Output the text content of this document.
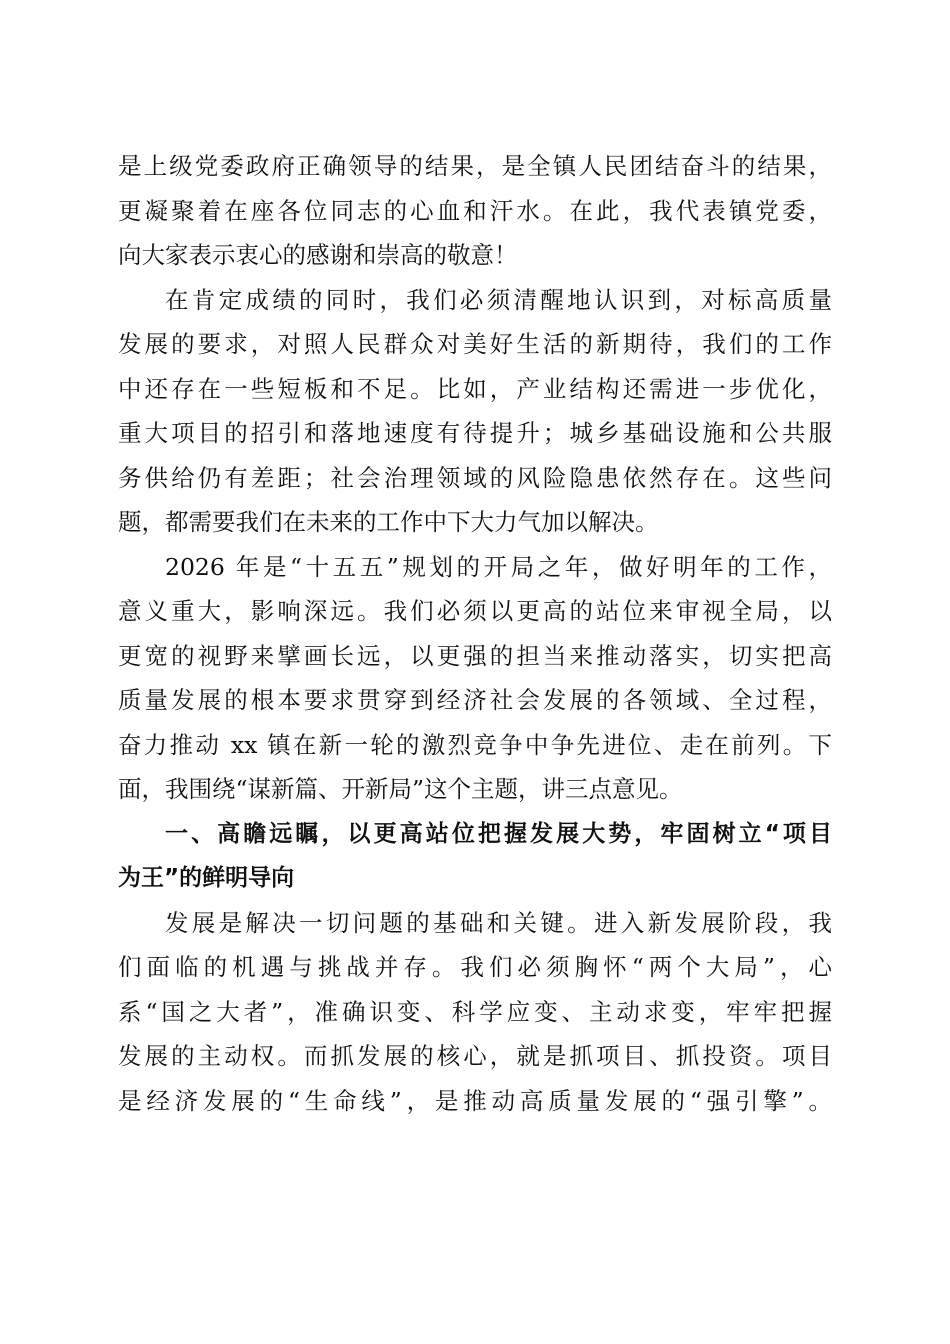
是上级党委政府正确领导的结果，是全镇人民团结奋斗的结果，
更凝聚着在座各位同志的心血和汗水。在此，我代表镇党委，
向大家表示衷心的感谢和崇高的敬意！
在肯定成绩的同时，我们必须清醒地认识到，对标高质量
发展的要求，对照人民群众对美好生活的新期待，我们的工作
中还存在一些短板和不足。比如，产业结构还需进一步优化，
重大项目的招引和落地速度有待提升；城乡基础设施和公共服
务供给仍有差距；社会治理领域的风险隐患依然存在。这些问
题，都需要我们在未来的工作中下大力气加以解决。
2026 年是“十五五”规划的开局之年，做好明年的工作，
意义重大，影响深远。我们必须以更高的站位来审视全局，以
更宽的视野来擘画长远，以更强的担当来推动落实，切实把高
质量发展的根本要求贯穿到经济社会发展的各领域、全过程，
奋力推动 xx 镇在新一轮的激烈竞争中争先进位、走在前列。下
面，我围绕“谋新篇、开新局”这个主题，讲三点意见。
一、高瞻远瞩，以更高站位把握发展大势，牢固树立“项目
为王”的鲜明导向
发展是解决一切问题的基础和关键。进入新发展阶段，我
们面临的机遇与挑战并存。我们必须胸怀“两个大局”，心
系“国之大者”，准确识变、科学应变、主动求变，牢牢把握
发展的主动权。而抓发展的核心，就是抓项目、抓投资。项目
是经济发展的“生命线”，是推动高质量发展的“强引擎”。
